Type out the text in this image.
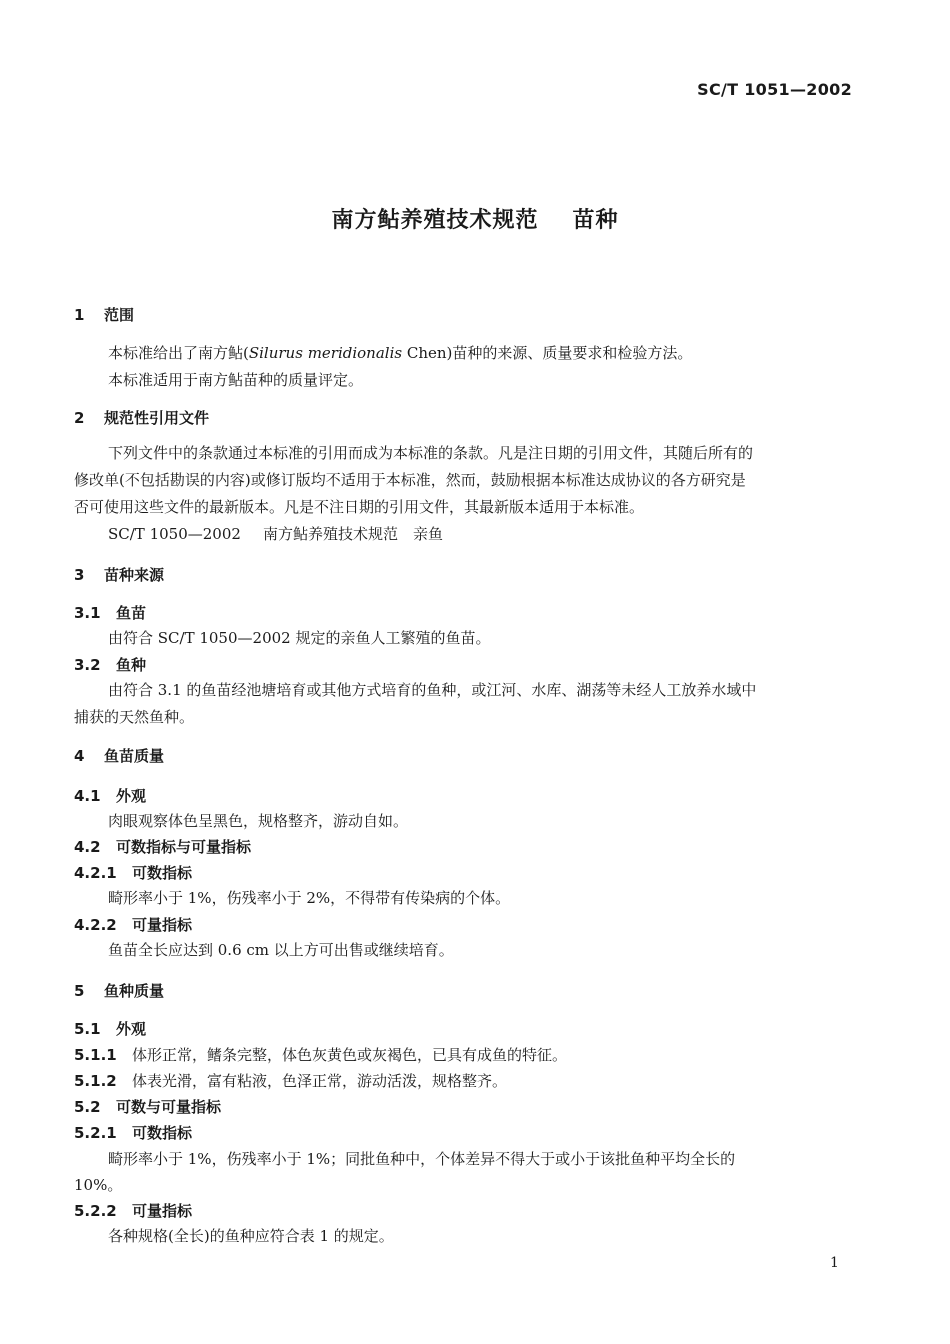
SC/T 1051—2002
南方鲇养殖技术规范 苗种
1 范围
本标准给出了南方鲇(Silurus meridionalis Chen)苗种的来源、质量要求和检验方法。
本标准适用于南方鲇苗种的质量评定。
2 规范性引用文件
下列文件中的条款通过本标准的引用而成为本标准的条款。凡是注日期的引用文件，其随后所有的
修改单(不包括勘误的内容)或修订版均不适用于本标准，然而，鼓励根据本标准达成协议的各方研究是
否可使用这些文件的最新版本。凡是不注日期的引用文件，其最新版本适用于本标准。
SC/T 1050—2002 南方鲇养殖技术规范　亲鱼
3 苗种来源
3.1 鱼苗
由符合 SC/T 1050—2002 规定的亲鱼人工繁殖的鱼苗。
3.2 鱼种
由符合 3.1 的鱼苗经池塘培育或其他方式培育的鱼种，或江河、水库、湖荡等未经人工放养水域中
捕获的天然鱼种。
4 鱼苗质量
4.1 外观
肉眼观察体色呈黑色，规格整齐，游动自如。
4.2 可数指标与可量指标
4.2.1 可数指标
畸形率小于 1%，伤残率小于 2%，不得带有传染病的个体。
4.2.2 可量指标
鱼苗全长应达到 0.6 cm 以上方可出售或继续培育。
5 鱼种质量
5.1 外观
5.1.1 体形正常，鳍条完整，体色灰黄色或灰褐色，已具有成鱼的特征。
5.1.2 体表光滑，富有粘液，色泽正常，游动活泼，规格整齐。
5.2 可数与可量指标
5.2.1 可数指标
畸形率小于 1%，伤残率小于 1%；同批鱼种中，个体差异不得大于或小于该批鱼种平均全长的
10%。
5.2.2 可量指标
各种规格(全长)的鱼种应符合表 1 的规定。
1
